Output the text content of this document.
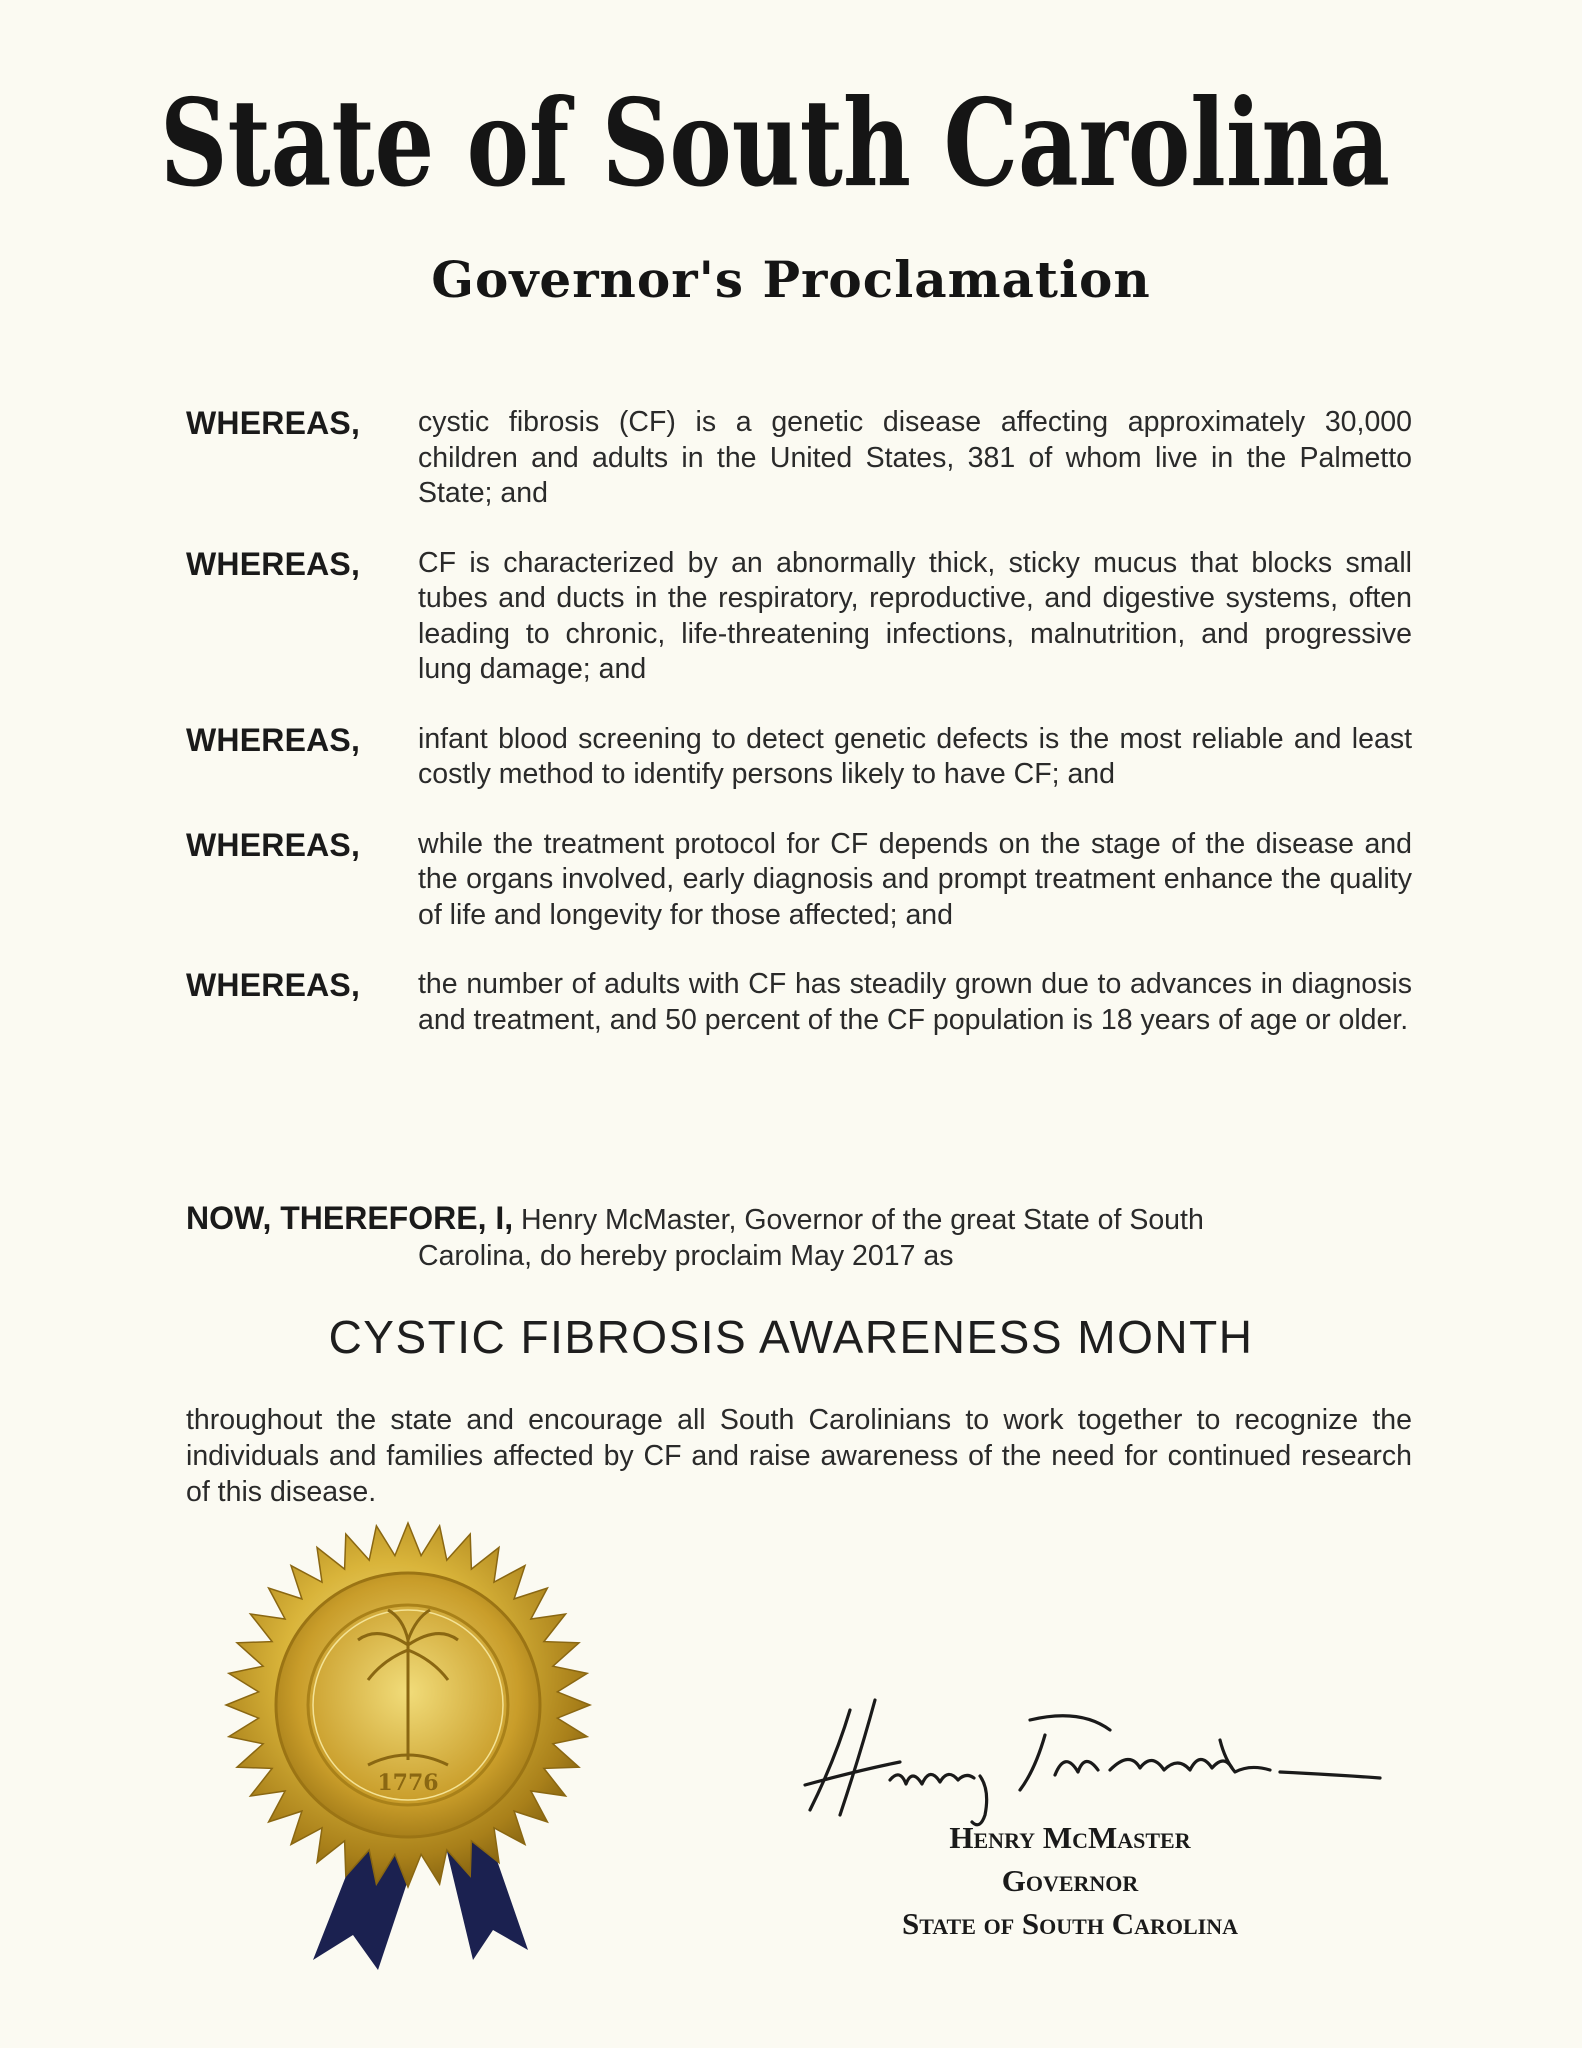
State of South Carolina
Governor's Proclamation
WHEREAS,	cystic fibrosis (CF) is a genetic disease affecting approximately 30,000 children and adults in the United States, 381 of whom live in the Palmetto State; and
WHEREAS,	CF is characterized by an abnormally thick, sticky mucus that blocks small tubes and ducts in the respiratory, reproductive, and digestive systems, often leading to chronic, life-threatening infections, malnutrition, and progressive lung damage; and
WHEREAS,	infant blood screening to detect genetic defects is the most reliable and least costly method to identify persons likely to have CF; and
WHEREAS,	while the treatment protocol for CF depends on the stage of the disease and the organs involved, early diagnosis and prompt treatment enhance the quality of life and longevity for those affected; and
WHEREAS,	the number of adults with CF has steadily grown due to advances in diagnosis and treatment, and 50 percent of the CF population is 18 years of age or older.
NOW, THEREFORE, I, Henry McMaster, Governor of the great State of South
Carolina, do hereby proclaim May 2017 as
CYSTIC FIBROSIS AWARENESS MONTH
throughout the state and encourage all South Carolinians to work together to recognize the individuals and families affected by CF and raise awareness of the need for continued research of this disease.
1776
Henry McMaster
Governor
State of South Carolina
